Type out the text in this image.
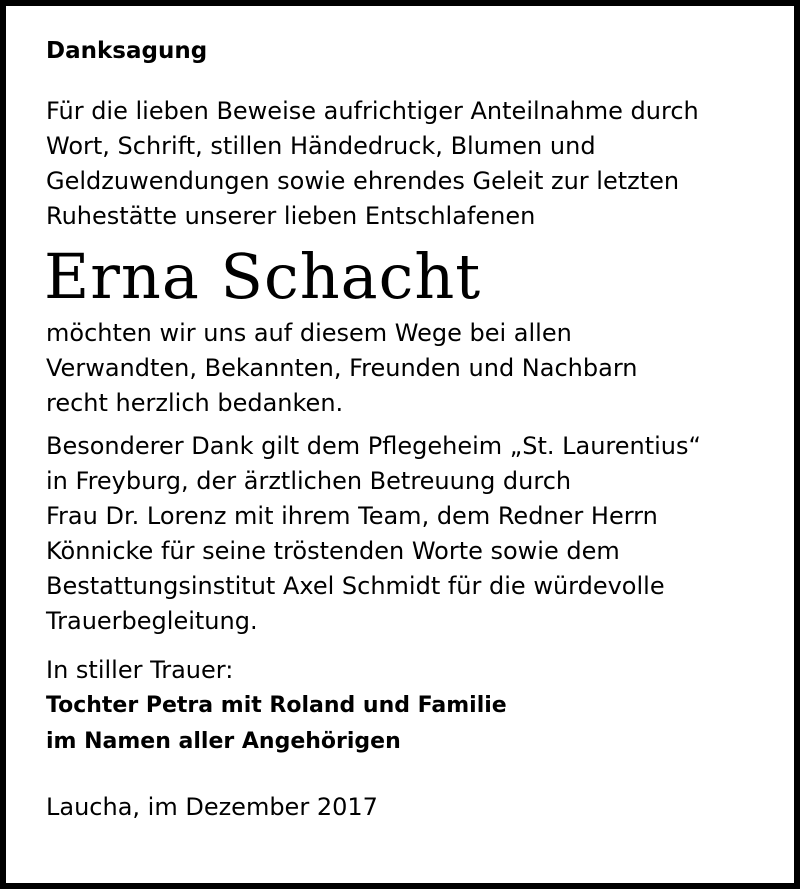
Danksagung
Für die lieben Beweise aufrichtiger Anteilnahme durch
Wort, Schrift, stillen Händedruck, Blumen und
Geldzuwendungen sowie ehrendes Geleit zur letzten
Ruhestätte unserer lieben Entschlafenen
Erna Schacht
möchten wir uns auf diesem Wege bei allen
Verwandten, Bekannten, Freunden und Nachbarn
recht herzlich bedanken.
Besonderer Dank gilt dem Pflegeheim „St. Laurentius“
in Freyburg, der ärztlichen Betreuung durch
Frau Dr. Lorenz mit ihrem Team, dem Redner Herrn
Könnicke für seine tröstenden Worte sowie dem
Bestattungsinstitut Axel Schmidt für die würdevolle
Trauerbegleitung.
In stiller Trauer:
Tochter Petra mit Roland und Familie
im Namen aller Angehörigen
Laucha, im Dezember 2017
